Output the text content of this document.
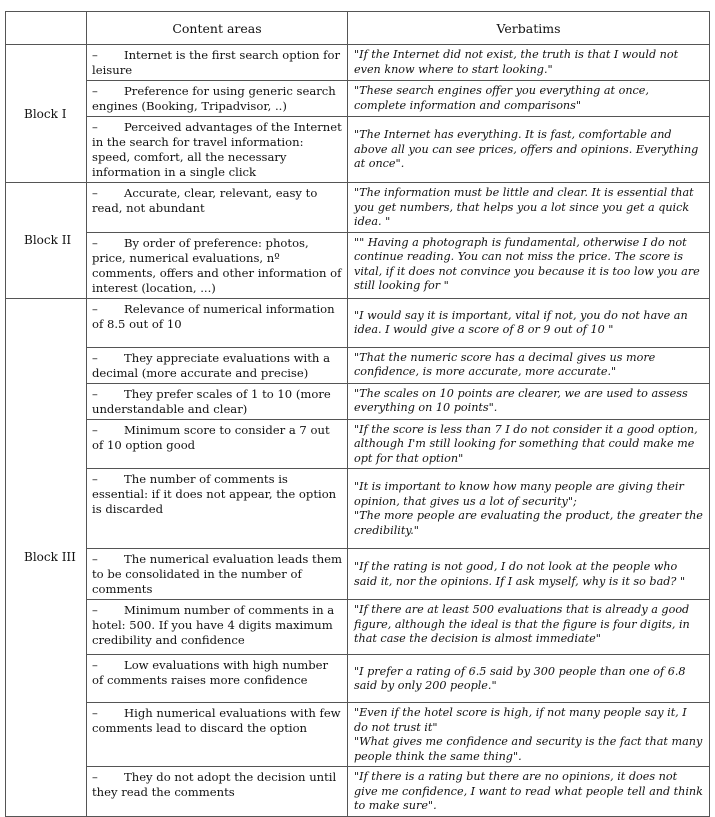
	Content areas	Verbatims
Block I	– Internet is the first search option for leisure	"If the Internet did not exist, the truth is that I would not even know where to start looking."
	– Preference for using generic search engines (Booking, Tripadvisor, ..)	"These search engines offer you everything at once, complete information and comparisons"
	– Perceived advantages of the Internet in the search for travel information: speed, comfort, all the necessary information in a single click	"The Internet has everything. It is fast, comfortable and above all you can see prices, offers and opinions. Everything at once".
Block II	– Accurate, clear, relevant, easy to read, not abundant	"The information must be little and clear. It is essential that you get numbers, that helps you a lot since you get a quick idea. "
	– By order of preference: photos, price, numerical evaluations, nº comments, offers and other information of interest (location, ...)	"" Having a photograph is fundamental, otherwise I do not continue reading. You can not miss the price. The score is vital, if it does not convince you because it is too low you are still looking for "
Block III	– Relevance of numerical information of 8.5 out of 10	"I would say it is important, vital if not, you do not have an idea. I would give a score of 8 or 9 out of 10 "
	– They appreciate evaluations with a decimal (more accurate and precise)	"That the numeric score has a decimal gives us more confidence, is more accurate, more accurate."
	– They prefer scales of 1 to 10 (more understandable and clear)	"The scales on 10 points are clearer, we are used to assess everything on 10 points".
	– Minimum score to consider a 7 out of 10 option good	"If the score is less than 7 I do not consider it a good option, although I'm still looking for something that could make me opt for that option"
	– The number of comments is essential: if it does not appear, the option is discarded	"It is important to know how many people are giving their opinion, that gives us a lot of security";
"The more people are evaluating the product, the greater the credibility."
	– The numerical evaluation leads them to be consolidated in the number of comments	"If the rating is not good, I do not look at the people who said it, nor the opinions. If I ask myself, why is it so bad? "
	– Minimum number of comments in a hotel: 500. If you have 4 digits maximum credibility and confidence	"If there are at least 500 evaluations that is already a good figure, although the ideal is that the figure is four digits, in that case the decision is almost immediate"
	– Low evaluations with high number of comments raises more confidence	"I prefer a rating of 6.5 said by 300 people than one of 6.8 said by only 200 people."
	– High numerical evaluations with few comments lead to discard the option	"Even if the hotel score is high, if not many people say it, I do not trust it"
"What gives me confidence and security is the fact that many people think the same thing".
	– They do not adopt the decision until they read the comments	"If there is a rating but there are no opinions, it does not give me confidence, I want to read what people tell and think to make sure".
